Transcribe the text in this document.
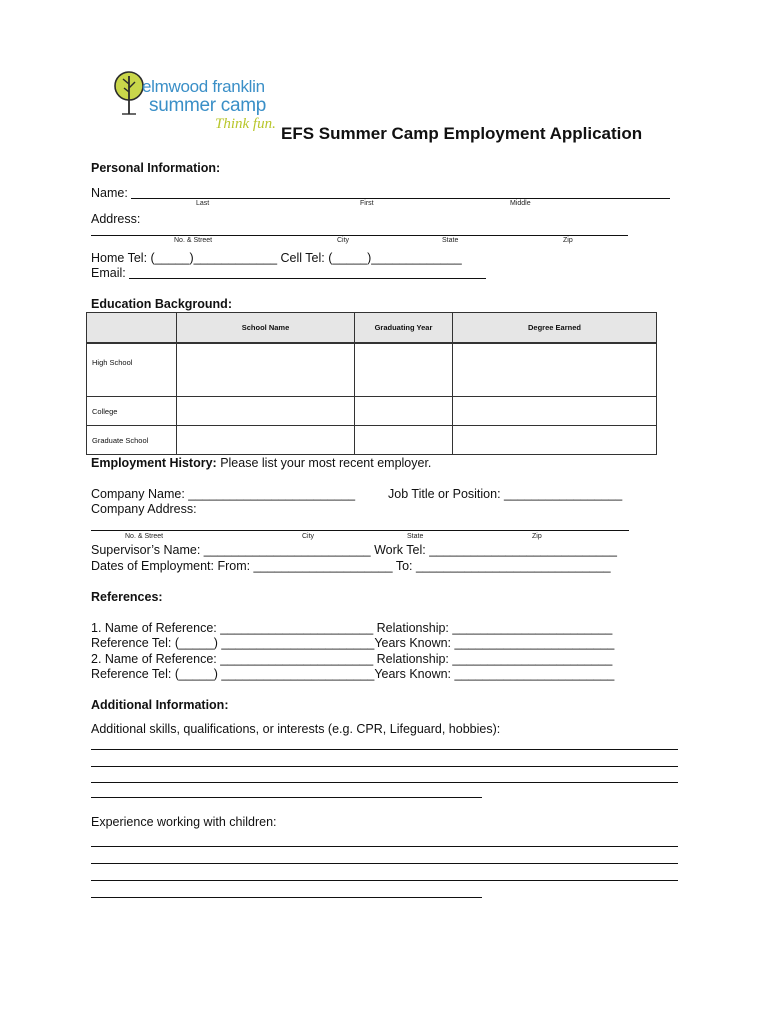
elmwood franklin
summer camp
Think fun. EFS Summer Camp Employment Application
Personal Information:
Name:
Last	First	Middle
Address:
No. & Street	City	State	Zip
Home Tel: (_____)____________ Cell Tel: (_____)_____________
Email:
Education Background:
	School Name	Graduating Year	Degree Earned
High School			
College			
Graduate School			
Employment History: Please list your most recent employer.
Company Name: ________________________	Job Title or Position: _________________
Company Address:
No. & Street	City	State	Zip
Supervisor’s Name: ________________________ Work Tel: ___________________________
Dates of Employment: From: ____________________ To: ____________________________
References:
1. Name of Reference: ______________________ Relationship: _______________________
Reference Tel: (_____) ______________________Years Known: _______________________
2. Name of Reference: ______________________ Relationship: _______________________
Reference Tel: (_____) ______________________Years Known: _______________________
Additional Information:
Additional skills, qualifications, or interests (e.g. CPR, Lifeguard, hobbies):
Experience working with children:
